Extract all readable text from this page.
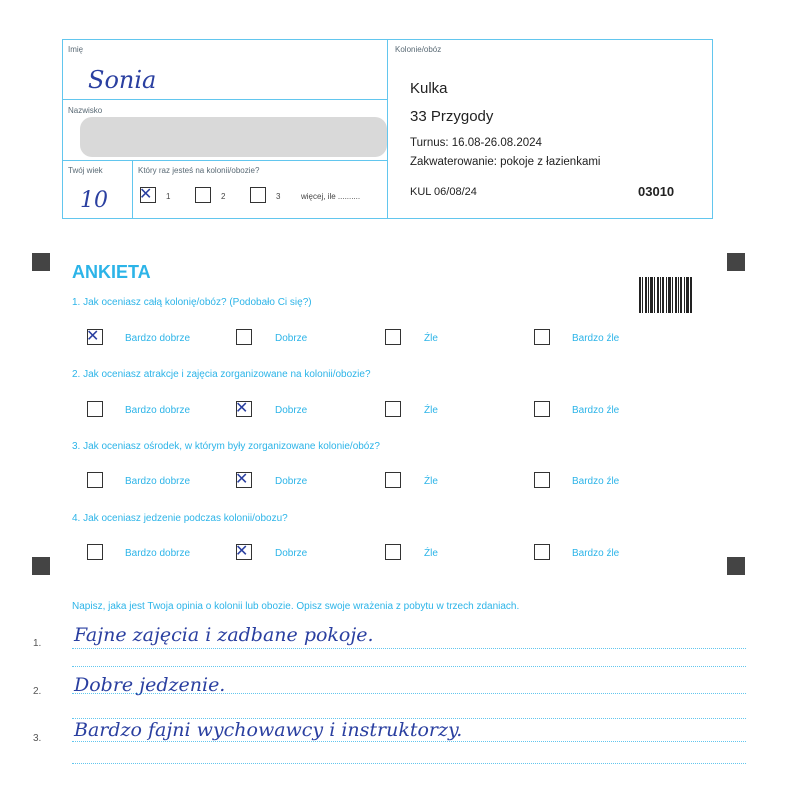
Imię
Sonia
Nazwisko
Twój wiek
10
Który raz jesteś na kolonii/obozie?
✕ 1	2	3	więcej, ile ..........
Kolonie/obóz
Kulka
33 Przygody
Turnus: 16.08-26.08.2024
Zakwaterowanie: pokoje z łazienkami
KUL 06/08/24	03010
ANKIETA
1. Jak oceniasz całą kolonię/obóz? (Podobało Ci się?)
✕	Bardzo dobrze	Dobrze	Źle	Bardzo źle
2. Jak oceniasz atrakcje i zajęcia zorganizowane na kolonii/obozie?
Bardzo dobrze	✕	Dobrze	Źle	Bardzo źle
3. Jak oceniasz ośrodek, w którym były zorganizowane kolonie/obóz?
Bardzo dobrze	✕	Dobrze	Źle	Bardzo źle
4. Jak oceniasz jedzenie podczas kolonii/obozu?
Bardzo dobrze	✕	Dobrze	Źle	Bardzo źle
Napisz, jaka jest Twoja opinia o kolonii lub obozie. Opisz swoje wrażenia z pobytu w trzech zdaniach.
1. Fajne zajęcia i zadbane pokoje.
2. Dobre jedzenie.
3. Bardzo fajni wychowawcy i instruktorzy.
